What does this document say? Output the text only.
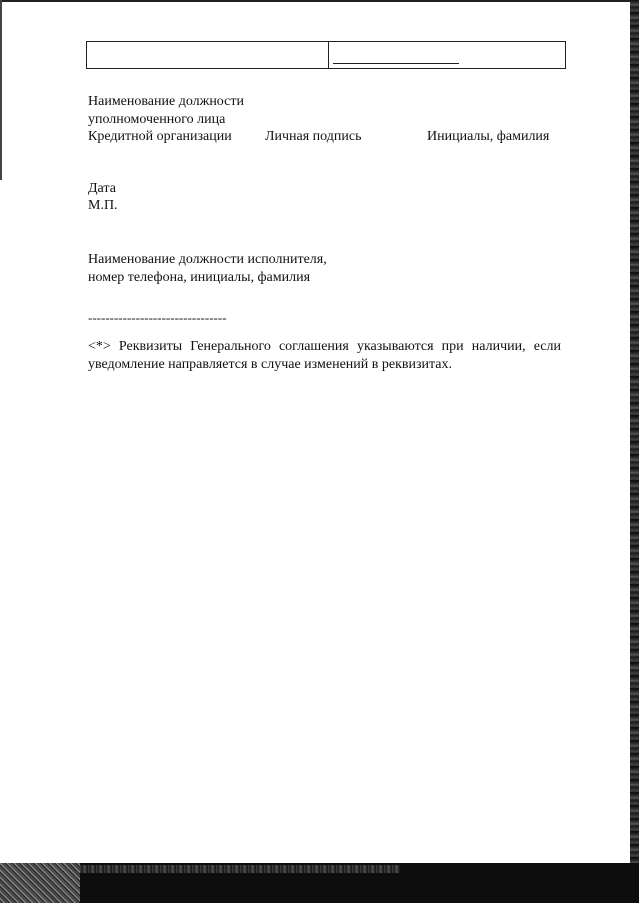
Наименование должности
уполномоченного лица
Кредитной организации Личная подпись	Инициалы, фамилия
Дата
М.П.
Наименование должности исполнителя,
номер телефона, инициалы, фамилия
--------------------------------
<*> Реквизиты Генерального соглашения указываются при наличии, если уведомление направляется в случае изменений в реквизитах.
